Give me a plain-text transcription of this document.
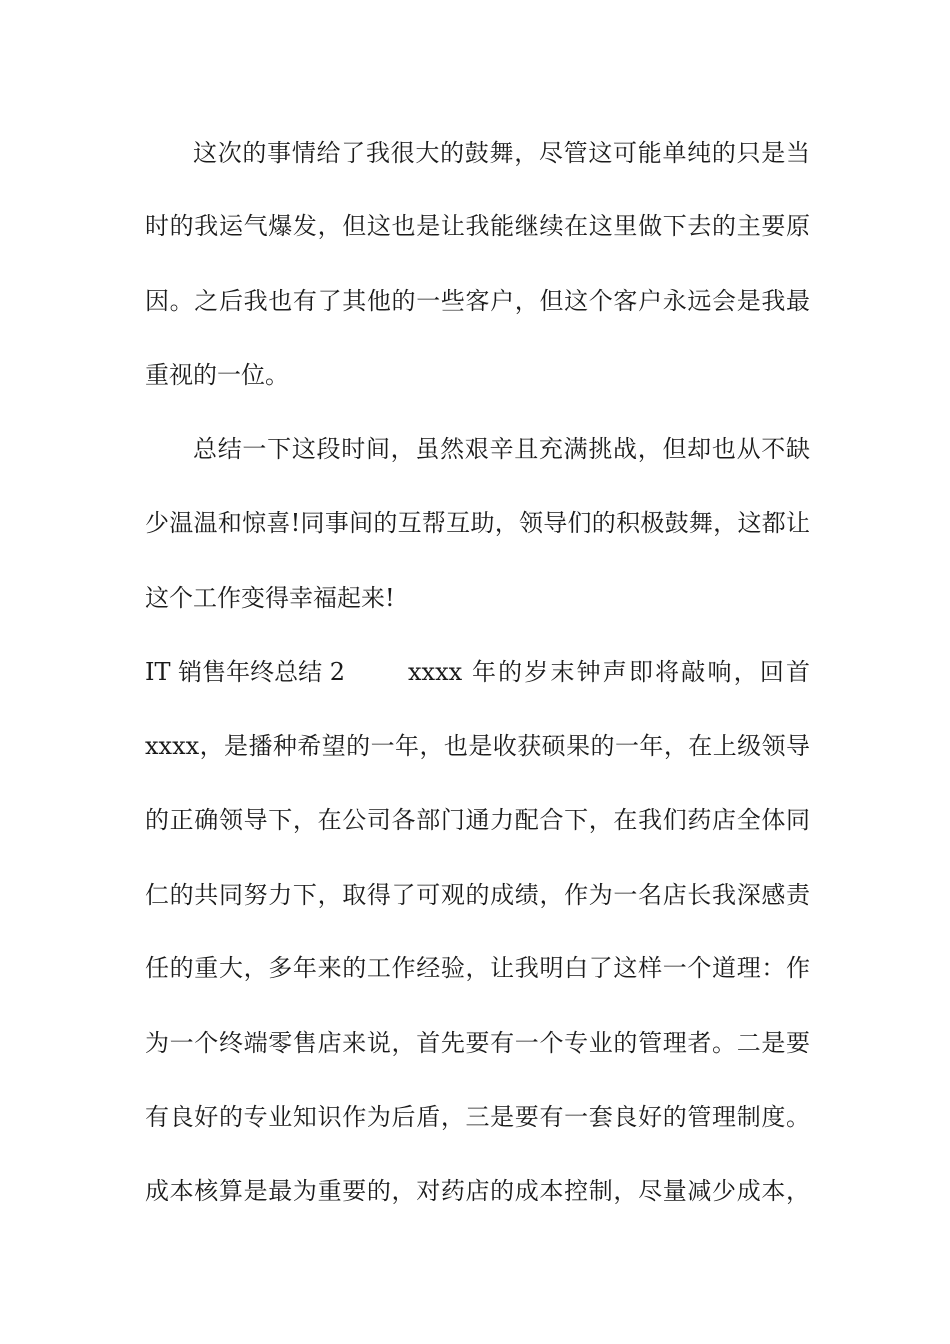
这次的事情给了我很大的鼓舞，尽管这可能单纯的只是当
时的我运气爆发，但这也是让我能继续在这里做下去的主要原
因。之后我也有了其他的一些客户，但这个客户永远会是我最
重视的一位。
总结一下这段时间，虽然艰辛且充满挑战，但却也从不缺
少温温和惊喜!同事间的互帮互助，领导们的积极鼓舞，这都让
这个工作变得幸福起来!
IT 销售年终总结 2	xxxx 年的岁末钟声即将敲响，回首
xxxx，是播种希望的一年，也是收获硕果的一年，在上级领导
的正确领导下，在公司各部门通力配合下，在我们药店全体同
仁的共同努力下，取得了可观的成绩，作为一名店长我深感责
任的重大，多年来的工作经验，让我明白了这样一个道理：作
为一个终端零售店来说，首先要有一个专业的管理者。二是要
有良好的专业知识作为后盾，三是要有一套良好的管理制度。
成本核算是最为重要的，对药店的成本控制，尽量减少成本，
